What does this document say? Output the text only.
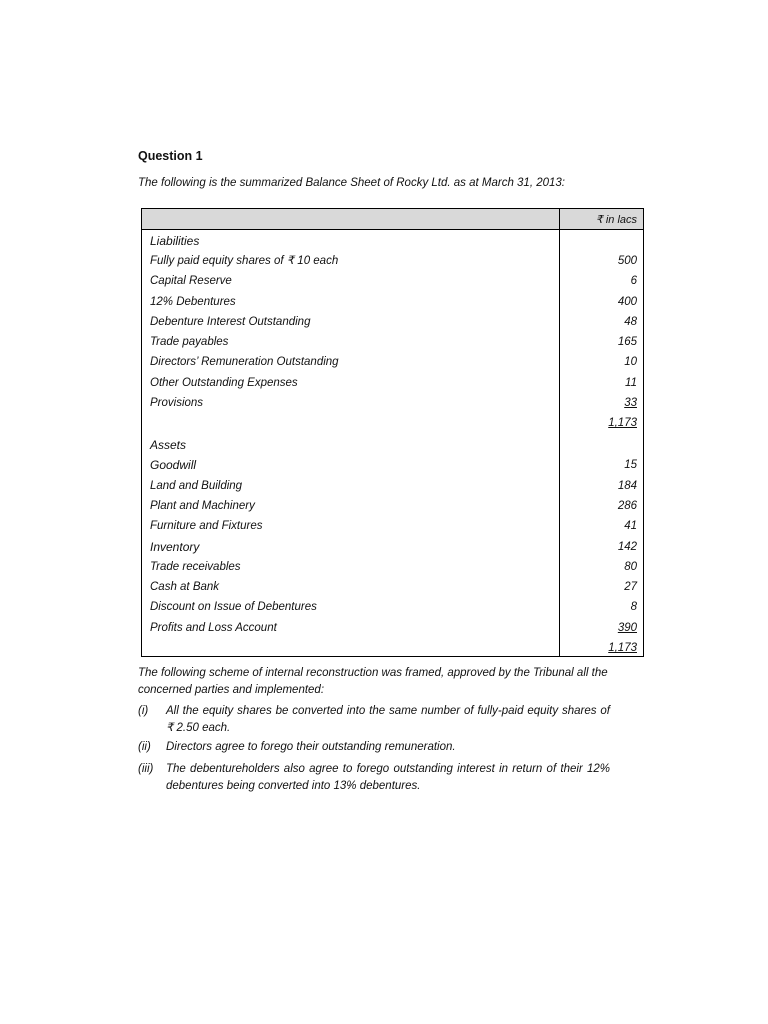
Question 1
The following is the summarized Balance Sheet of Rocky Ltd. as at March 31, 2013:
₹ in lacs
Liabilities
Fully paid equity shares of ₹ 10 each	500
Capital Reserve	6
12% Debentures	400
Debenture Interest Outstanding	48
Trade payables	165
Directors’ Remuneration Outstanding	10
Other Outstanding Expenses	11
Provisions	33
1,173
Assets
Goodwill	15
Land and Building	184
Plant and Machinery	286
Furniture and Fixtures	41
Inventory	142
Trade receivables	80
Cash at Bank	27
Discount on Issue of Debentures	8
Profits and Loss Account	390
1,173
The following scheme of internal reconstruction was framed, approved by the Tribunal all the concerned parties and implemented:
(i) All the equity shares be converted into the same number of fully-paid equity shares of ₹ 2.50 each.
(ii) Directors agree to forego their outstanding remuneration.
(iii) The debentureholders also agree to forego outstanding interest in return of their 12% debentures being converted into 13% debentures.
